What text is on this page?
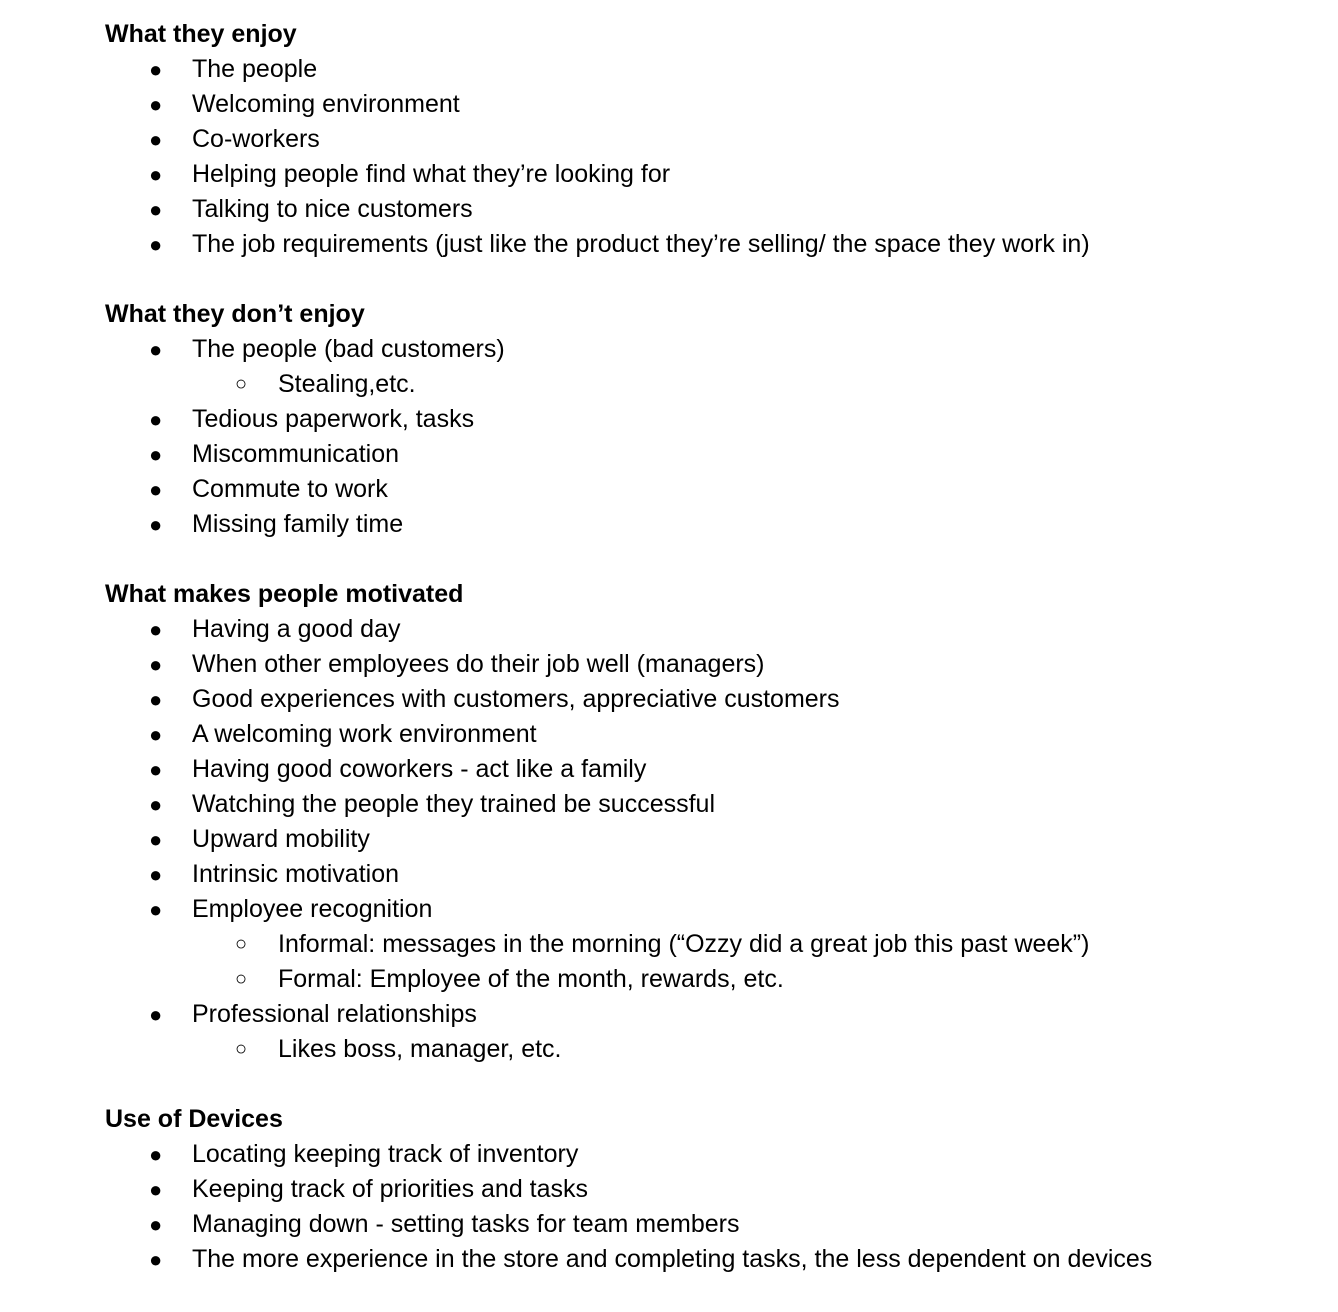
What they enjoy
● The people
● Welcoming environment
● Co-workers
● Helping people find what they’re looking for
● Talking to nice customers
● The job requirements (just like the product they’re selling/ the space they work in)
What they don’t enjoy
● The people (bad customers)
○ Stealing,etc.
● Tedious paperwork, tasks
● Miscommunication
● Commute to work
● Missing family time
What makes people motivated
● Having a good day
● When other employees do their job well (managers)
● Good experiences with customers, appreciative customers
● A welcoming work environment
● Having good coworkers - act like a family
● Watching the people they trained be successful
● Upward mobility
● Intrinsic motivation
● Employee recognition
○ Informal: messages in the morning (“Ozzy did a great job this past week”)
○ Formal: Employee of the month, rewards, etc.
● Professional relationships
○ Likes boss, manager, etc.
Use of Devices
● Locating keeping track of inventory
● Keeping track of priorities and tasks
● Managing down - setting tasks for team members
● The more experience in the store and completing tasks, the less dependent on devices
